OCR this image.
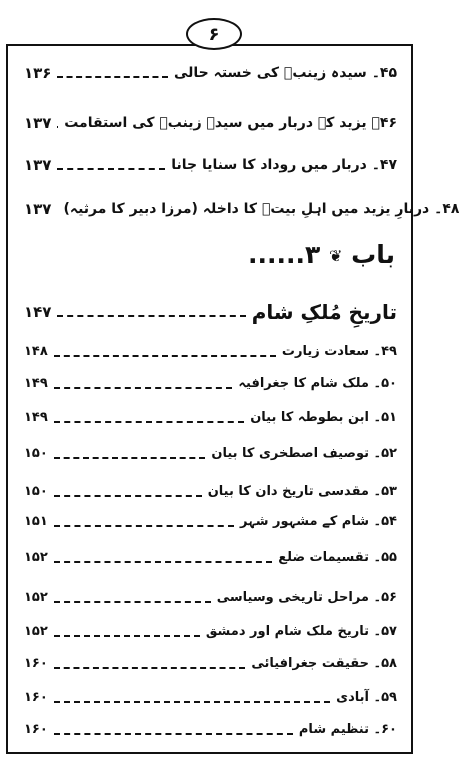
۶
۱۳۶	۴۵۔ سیدہ زینبؑ کی خستہ حالی
۱۳۷ ۴۶۔ یزید کے دربار میں سیدہ زینبؑ کی استقامت
۱۳۷	۴۷۔ دربار میں روداد کا سنایا جانا
۱۳۷ ۴۸۔ دربارِ یزید میں اہلِ بیتؑ کا داخلہ (مرزا دبیر کا مرثیہ)
باب ❦ ۳......
۱۴۷	تاریخِ مُلکِ شام
۱۴۸	۴۹۔ سعادت زیارت
۱۴۹	۵۰۔ ملک شام کا جغرافیہ
۱۴۹	۵۱۔ ابن بطوطہ کا بیان
۱۵۰	۵۲۔ توصیف اصطخری کا بیان
۱۵۰	۵۳۔ مقدسی تاریخ دان کا بیان
۱۵۱	۵۴۔ شام کے مشہور شہر
۱۵۲	۵۵۔ تقسیمات ضلع
۱۵۲	۵۶۔ مراحل تاریخی وسیاسی
۱۵۲	۵۷۔ تاریخ ملک شام اور دمشق
۱۶۰	۵۸۔ حقیقت جغرافیائی
۱۶۰	۵۹۔ آبادی
۱۶۰	۶۰۔ تنظیم شام
